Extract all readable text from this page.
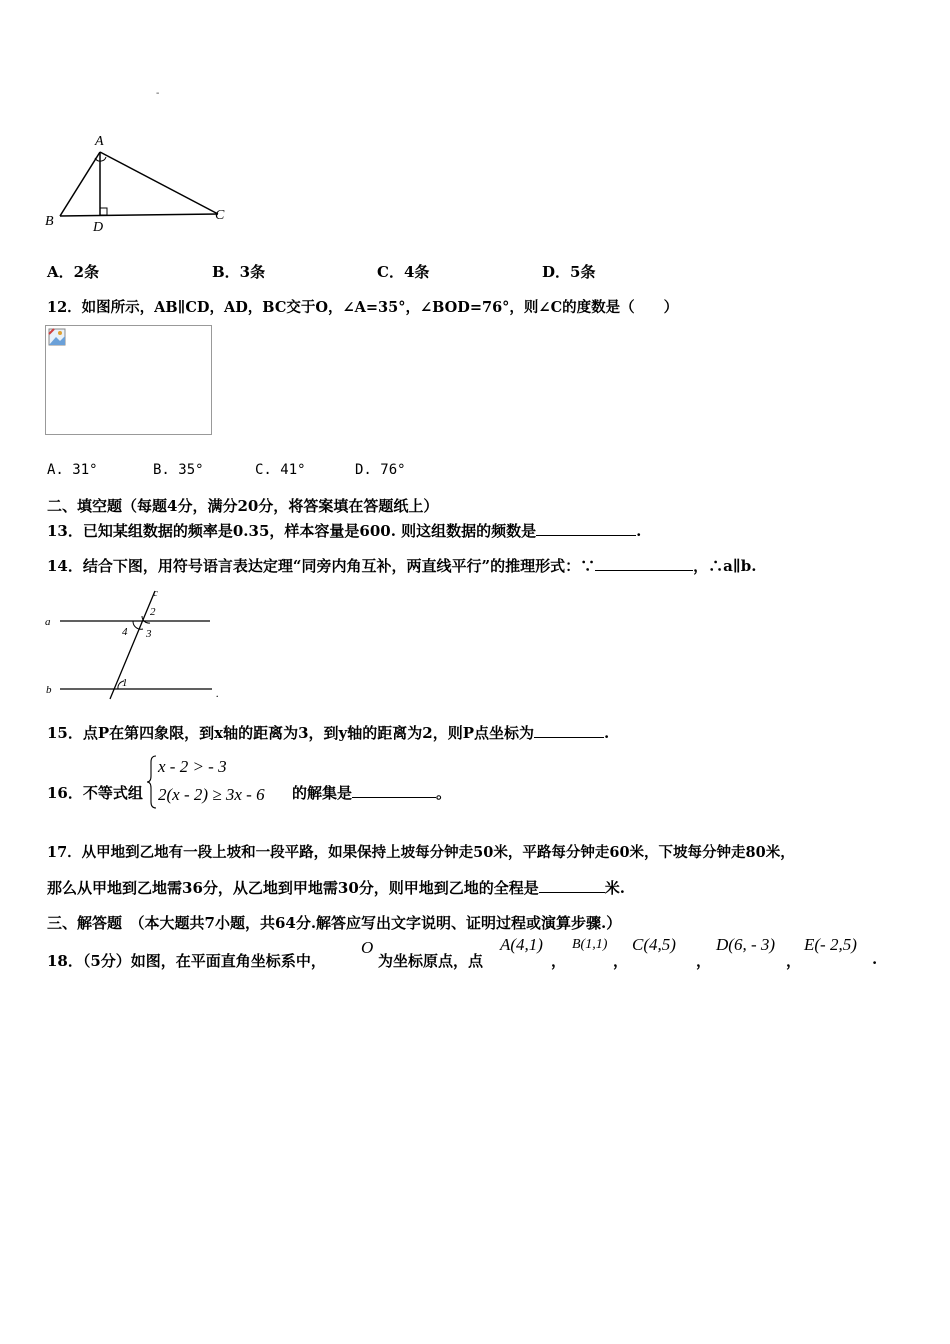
-
A
B	C
D
A．2条	B．3条	C．4条	D．5条
12．如图所示，AB∥CD，AD，BC交于O，∠A=35°，∠BOD=76°，则∠C的度数是（　　）
A. 31°	B. 35°	C. 41°	D. 76°
二、填空题（每题4分，满分20分，将答案填在答题纸上）
13．已知某组数据的频率是0.35，样本容量是600. 则这组数据的频数是	.
14．结合下图，用符号语言表达定理“同旁内角互补，两直线平行”的推理形式：∵	，∴a∥b.
a
b
c
2
4 3
1
.
15．点P在第四象限，到x轴的距离为3，到y轴的距离为2，则P点坐标为	.
16．不等式组
x - 2 > - 3
2(x - 2) ≥ 3x - 6 的解集是	。
17．从甲地到乙地有一段上坡和一段平路，如果保持上坡每分钟走50米，平路每分钟走60米，下坡每分钟走80米，
那么从甲地到乙地需36分，从乙地到甲地需30分，则甲地到乙地的全程是	米.
三、解答题　（本大题共7小题，共64分.解答应写出文字说明、证明过程或演算步骤.）
18．（5分）如图，在平面直角坐标系中，
O
为坐标原点，点
A(4,1)
，
B(1,1)
，
C(4,5)
，
D(6, - 3)
，
E(- 2,5)
.
